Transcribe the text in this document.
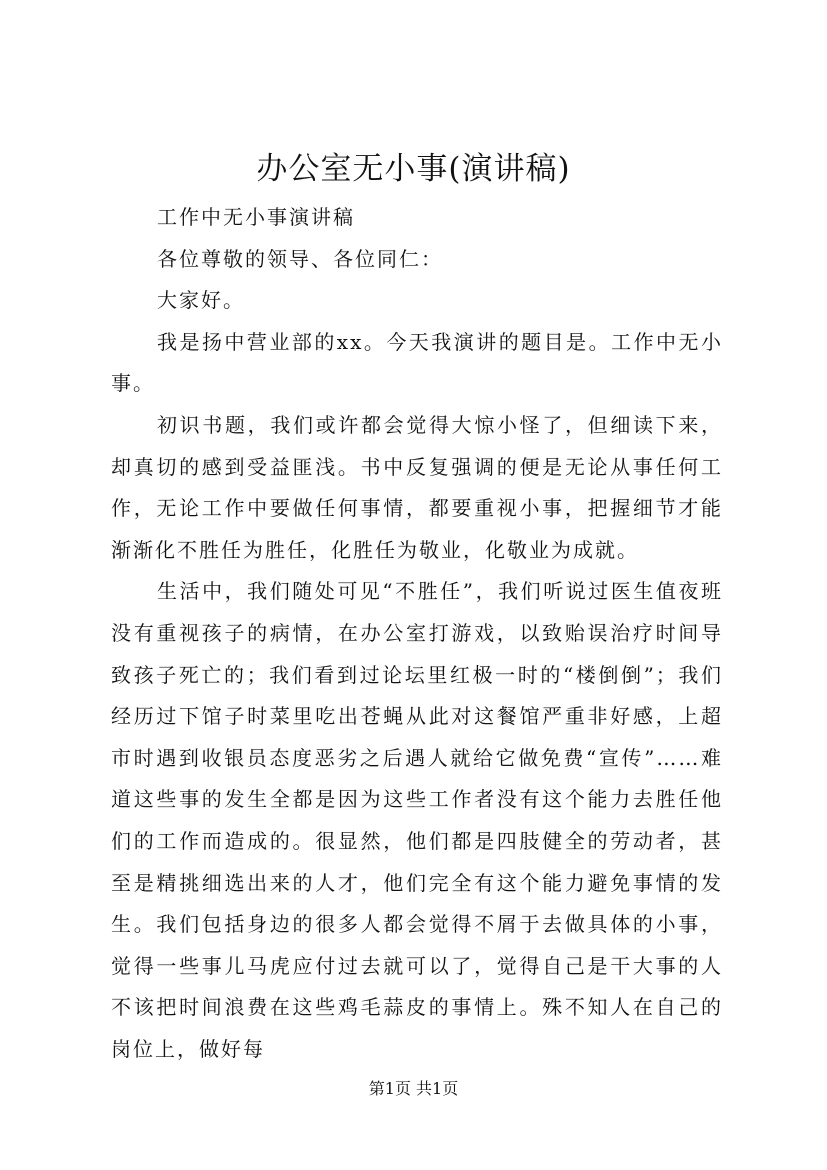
办公室无小事(演讲稿)

工作中无小事演讲稿

各位尊敬的领导、各位同仁：

大家好。

我是扬中营业部的xx。今天我演讲的题目是。工作中无小事。

初识书题，我们或许都会觉得大惊小怪了，但细读下来，却真切的感到受益匪浅。书中反复强调的便是无论从事任何工作，无论工作中要做任何事情，都要重视小事，把握细节才能渐渐化不胜任为胜任，化胜任为敬业，化敬业为成就。

生活中，我们随处可见“不胜任”，我们听说过医生值夜班没有重视孩子的病情，在办公室打游戏，以致贻误治疗时间导致孩子死亡的；我们看到过论坛里红极一时的“楼倒倒”；我们经历过下馆子时菜里吃出苍蝇从此对这餐馆严重非好感，上超市时遇到收银员态度恶劣之后遇人就给它做免费“宣传”……难道这些事的发生全都是因为这些工作者没有这个能力去胜任他们的工作而造成的。很显然，他们都是四肢健全的劳动者，甚至是精挑细选出来的人才，他们完全有这个能力避免事情的发生。我们包括身边的很多人都会觉得不屑于去做具体的小事，觉得一些事儿马虎应付过去就可以了，觉得自己是干大事的人不该把时间浪费在这些鸡毛蒜皮的事情上。殊不知人在自己的岗位上，做好每

第1页 共1页
